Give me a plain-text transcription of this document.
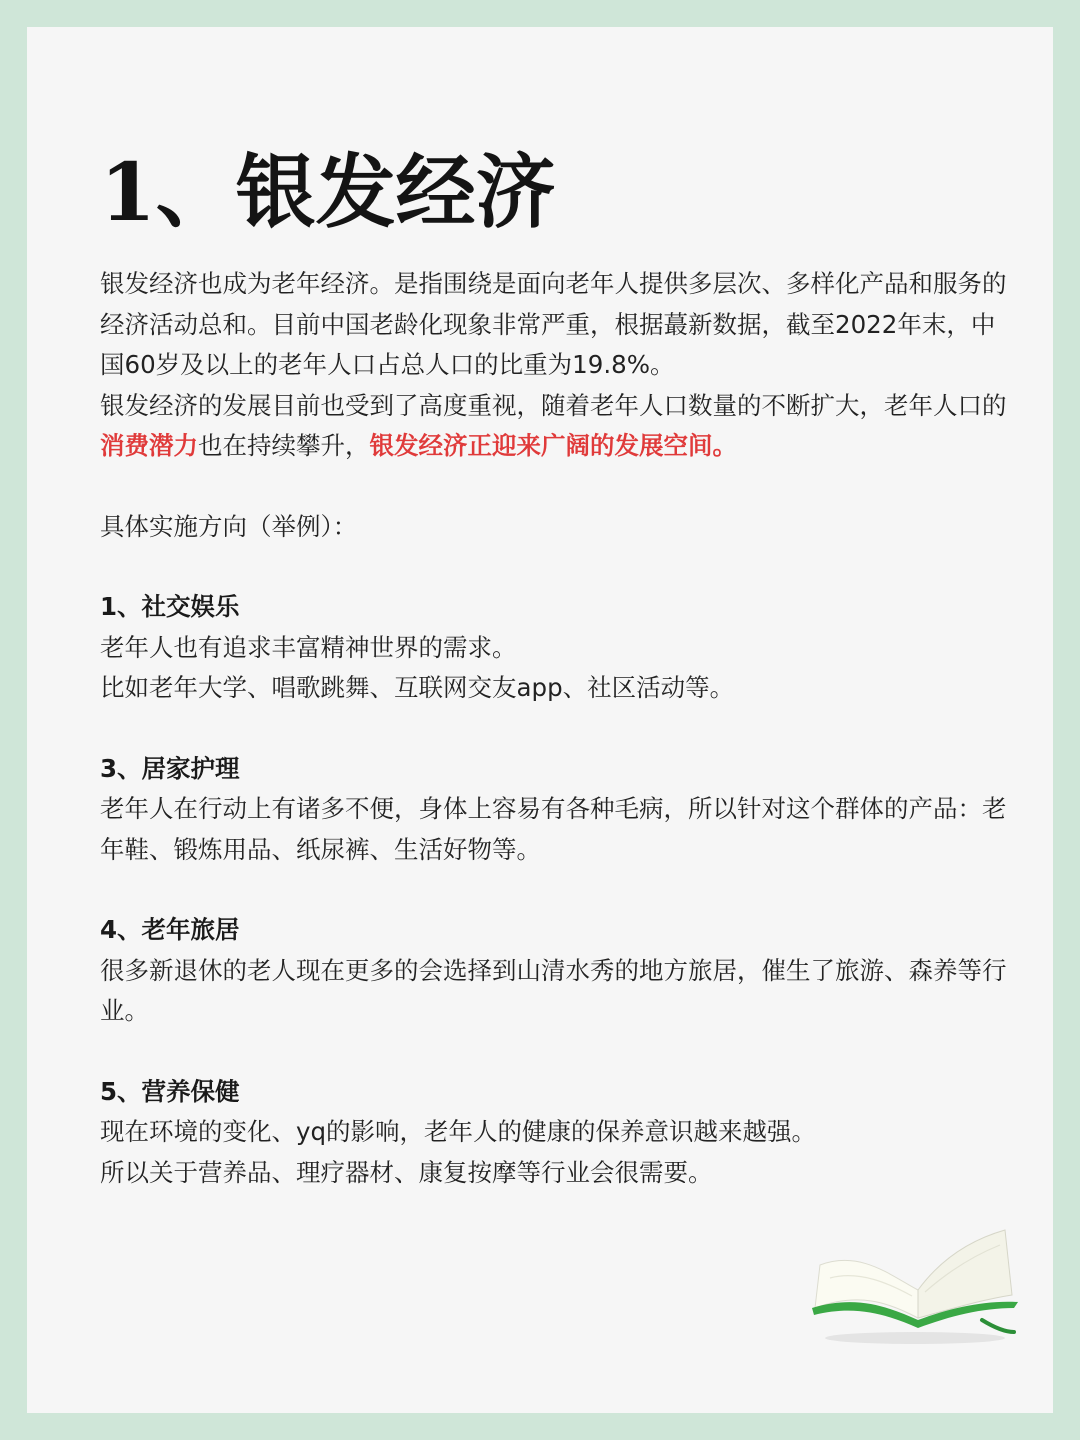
1、银发经济

银发经济也成为老年经济。是指围绕是面向老年人提供多层次、多样化产品和服务的经济活动总和。目前中国老龄化现象非常严重，根据蕞新数据，截至2022年末，中国60岁及以上的老年人口占总人口的比重为19.8%。

银发经济的发展目前也受到了高度重视，随着老年人口数量的不断扩大，老年人口的消费潜力也在持续攀升，银发经济正迎来广阔的发展空间。

具体实施方向（举例）：

1、社交娱乐

老年人也有追求丰富精神世界的需求。

比如老年大学、唱歌跳舞、互联网交友app、社区活动等。

3、居家护理

老年人在行动上有诸多不便，身体上容易有各种毛病，所以针对这个群体的产品：老年鞋、锻炼用品、纸尿裤、生活好物等。

4、老年旅居

很多新退休的老人现在更多的会选择到山清水秀的地方旅居，催生了旅游、森养等行业。

5、营养保健

现在环境的变化、yq的影响，老年人的健康的保养意识越来越强。

所以关于营养品、理疗器材、康复按摩等行业会很需要。
